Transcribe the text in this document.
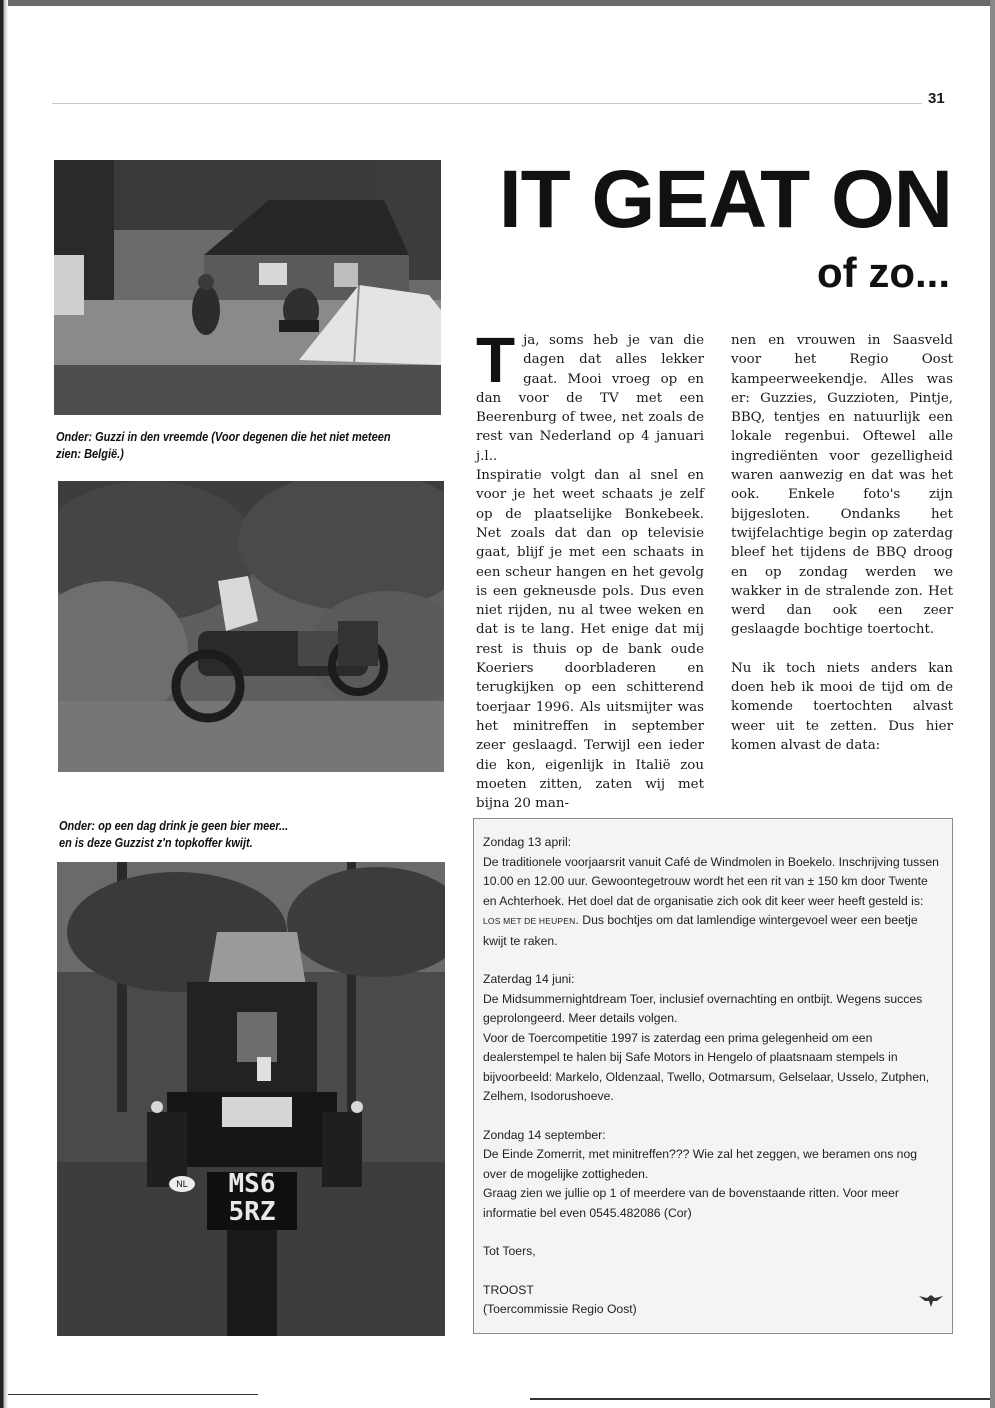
31
Onder: Guzzi in den vreemde (Voor degenen die het niet meteen zien: België.)
Onder: op een dag drink je geen bier meer...
en is deze Guzzist z'n topkoffer kwijt.
MS6
5RZ
NL
IT GEAT ON
of zo...

Tja, soms heb je van die dagen dat alles lekker gaat. Mooi vroeg op en dan voor de TV met een Beerenburg of twee, net zoals de rest van Nederland op 4 januari j.l..

Inspiratie volgt dan al snel en voor je het weet schaats je zelf op de plaatselijke Bonkebeek. Net zoals dat dan op televisie gaat, blijf je met een schaats in een scheur hangen en het gevolg is een gekneusde pols. Dus even niet rijden, nu al twee weken en dat is te lang. Het enige dat mij rest is thuis op de bank oude Koeriers doorbladeren en terugkijken op een schitterend toerjaar 1996. Als uitsmijter was het minitreffen in september zeer geslaagd. Terwijl een ieder die kon, eigenlijk in Italië zou moeten zitten, zaten wij met bijna 20 man-

nen en vrouwen in Saasveld voor het Regio Oost kampeerweekendje. Alles was er: Guzzies, Guzzioten, Pintje, BBQ, tentjes en natuurlijk een lokale regenbui. Oftewel alle ingrediënten voor gezelligheid waren aanwezig en dat was het ook. Enkele foto's zijn bijgesloten. Ondanks het twijfelachtige begin op zaterdag bleef het tijdens de BBQ droog en op zondag werden we wakker in de stralende zon. Het werd dan ook een zeer geslaagde bochtige toertocht.

Nu ik toch niets anders kan doen heb ik mooi de tijd om de komende toertochten alvast weer uit te zetten. Dus hier komen alvast de data:

Zondag 13 april:

De traditionele voorjaarsrit vanuit Café de Windmolen in Boekelo. Inschrijving tussen 10.00 en 12.00 uur. Gewoontegetrouw wordt het een rit van ± 150 km door Twente en Achterhoek. Het doel dat de organisatie zich ook dit keer weer heeft gesteld is: LOS MET DE HEUPEN. Dus bochtjes om dat lamlendige wintergevoel weer een beetje kwijt te raken.

Zaterdag 14 juni:

De Midsummernightdream Toer, inclusief overnachting en ontbijt. Wegens succes geprolongeerd. Meer details volgen.

Voor de Toercompetitie 1997 is zaterdag een prima gelegenheid om een dealerstempel te halen bij Safe Motors in Hengelo of plaatsnaam stempels in bijvoorbeeld: Markelo, Oldenzaal, Twello, Ootmarsum, Gelselaar, Usselo, Zutphen, Zelhem, Isodorushoeve.

Zondag 14 september:

De Einde Zomerrit, met minitreffen??? Wie zal het zeggen, we beramen ons nog over de mogelijke zottigheden.

Graag zien we jullie op 1 of meerdere van de bovenstaande ritten. Voor meer informatie bel even 0545.482086 (Cor)

Tot Toers,

TROOST

(Toercommissie Regio Oost)
